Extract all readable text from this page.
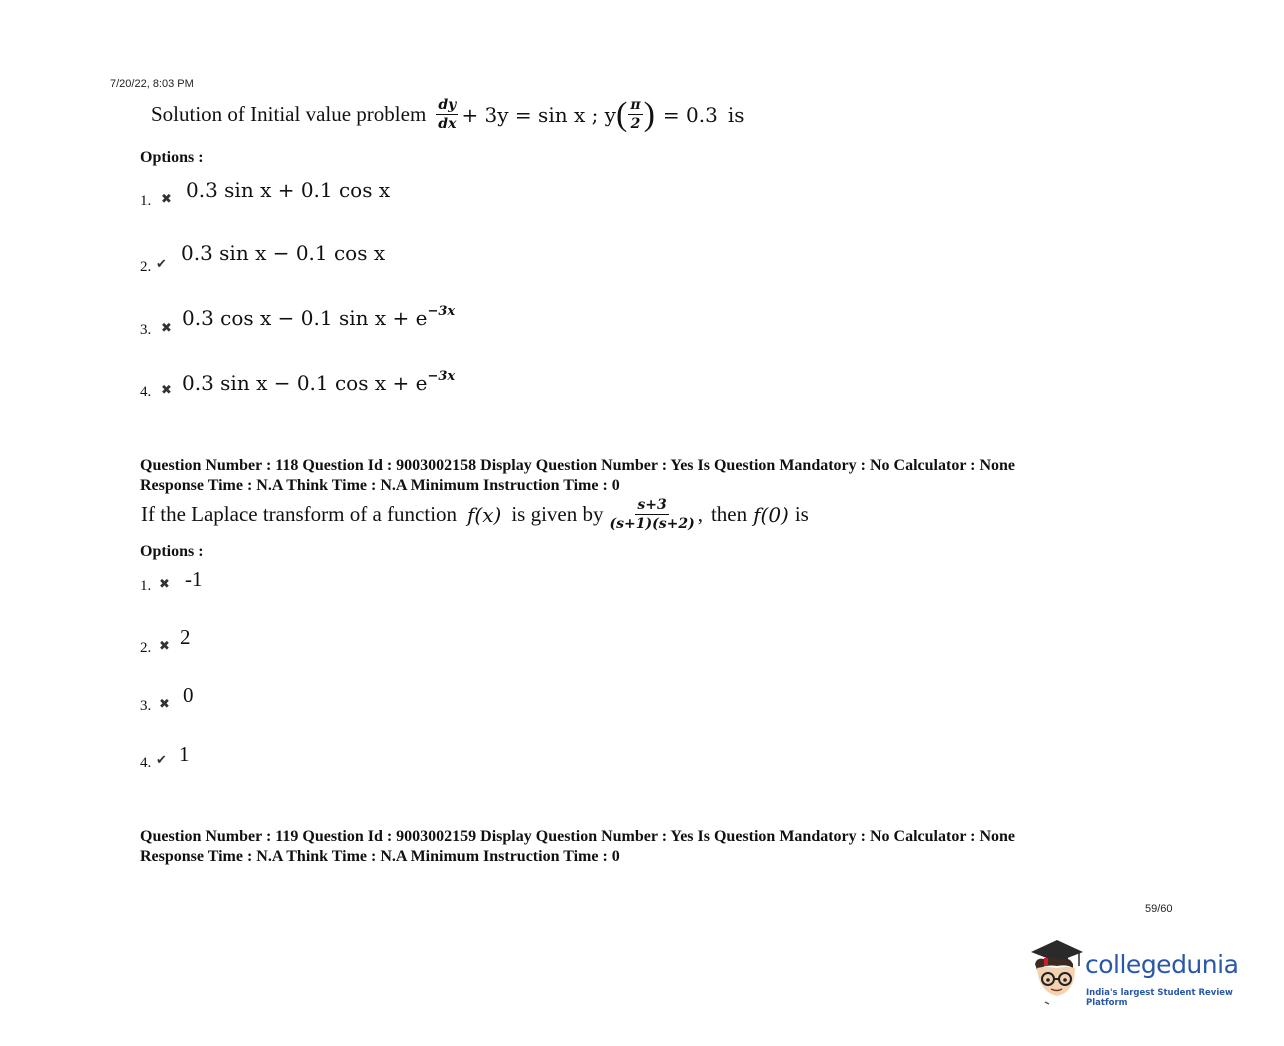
7/20/22, 8:03 PM
Solution of Initial value problem $\frac{dy}{dx} + 3y = \sin x$ ; y ( $\frac{\pi}{2}$ ) = 0.3 is
Options :
1. ✖ 0.3 sin x + 0.1 cos x
2. ✔ 0.3 sin x − 0.1 cos x
3. ✖ 0.3 cos x − 0.1 $\sin x + e^{-3x}$
4. ✖ 0.3 sin x − 0.1 $\cos x + e^{-3x}$
Question Number : 118 Question Id : 9003002158 Display Question Number : Yes Is Question Mandatory : No Calculator : None
Response Time : N.A Think Time : N.A Minimum Instruction Time : 0
If the Laplace transform of a function f(x) is given by $\frac{s+3}{(s+1)(s+2)}$ , then f(0) is
Options :
1. ✖ -1
2. ✖ 2
3. ✖ 0
4. ✔ 1
Question Number : 119 Question Id : 9003002159 Display Question Number : Yes Is Question Mandatory : No Calculator : None
Response Time : N.A Think Time : N.A Minimum Instruction Time : 0
59/60
collegedunia
India's largest Student Review Platform
